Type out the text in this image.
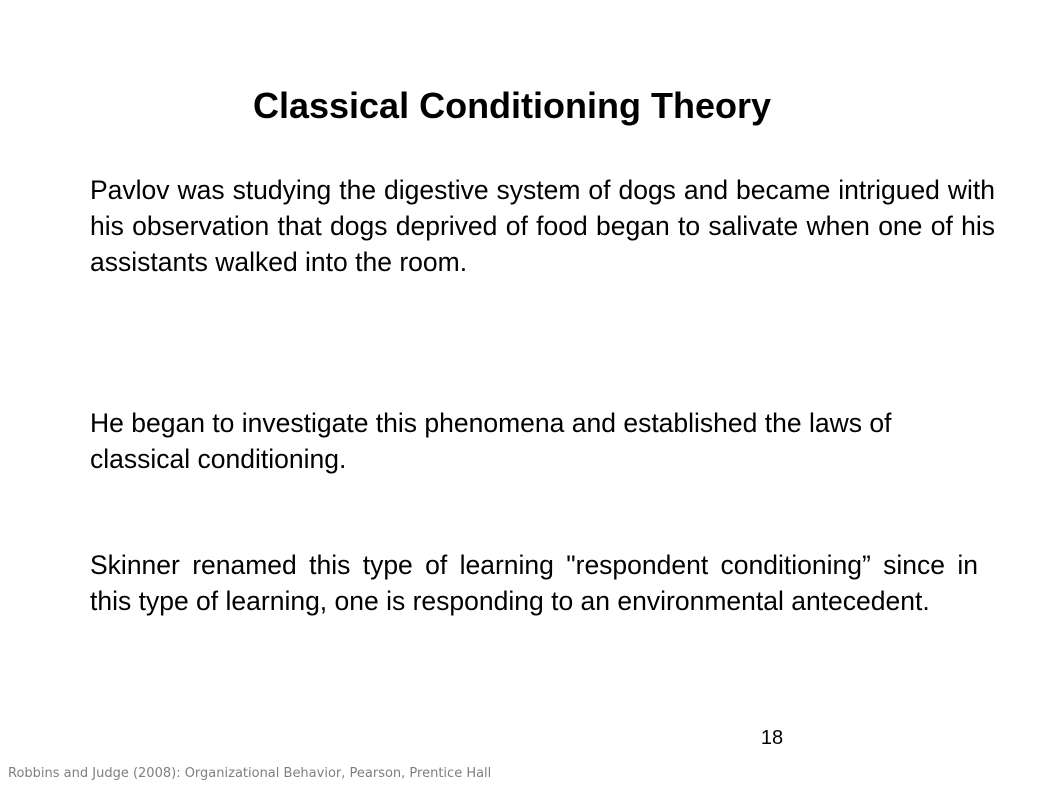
Classical Conditioning Theory

Pavlov was studying the digestive system of dogs and became intrigued with his observation that dogs deprived of food began to salivate when one of his assistants walked into the room.

He began to investigate this phenomena and established the laws of classical conditioning.

Skinner renamed this type of learning "respondent conditioning” since in this type of learning, one is responding to an environmental antecedent.

18
Robbins and Judge (2008): Organizational Behavior, Pearson, Prentice Hall
